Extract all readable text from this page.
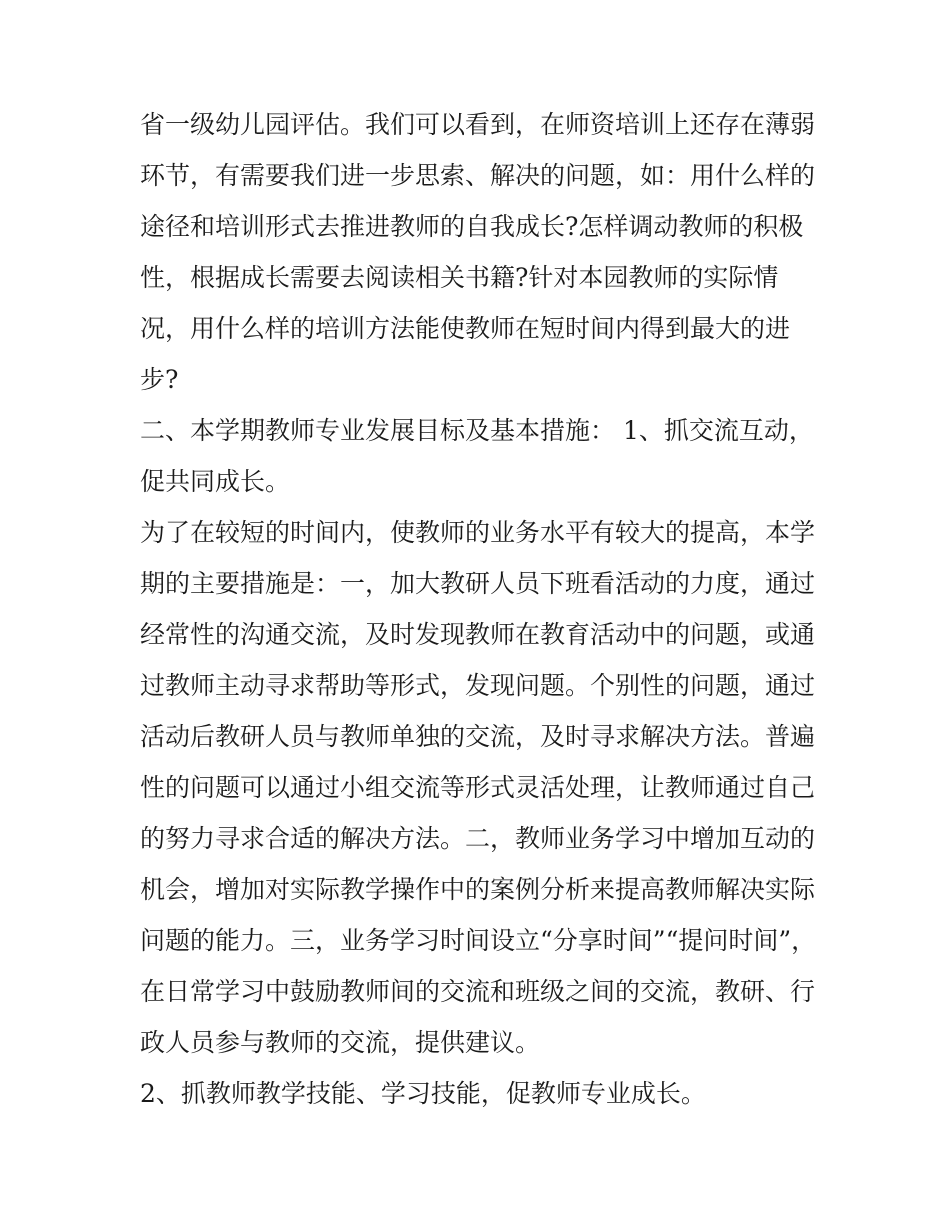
省一级幼儿园评估。我们可以看到，在师资培训上还存在薄弱
环节，有需要我们进一步思索、解决的问题，如：用什么样的
途径和培训形式去推进教师的自我成长?怎样调动教师的积极
性，根据成长需要去阅读相关书籍?针对本园教师的实际情
况，用什么样的培训方法能使教师在短时间内得到最大的进
步?
二、本学期教师专业发展目标及基本措施： 1、抓交流互动，
促共同成长。
为了在较短的时间内，使教师的业务水平有较大的提高，本学
期的主要措施是：一，加大教研人员下班看活动的力度，通过
经常性的沟通交流，及时发现教师在教育活动中的问题，或通
过教师主动寻求帮助等形式，发现问题。个别性的问题，通过
活动后教研人员与教师单独的交流，及时寻求解决方法。普遍
性的问题可以通过小组交流等形式灵活处理，让教师通过自己
的努力寻求合适的解决方法。二，教师业务学习中增加互动的
机会，增加对实际教学操作中的案例分析来提高教师解决实际
问题的能力。三，业务学习时间设立“分享时间”“提问时间”，
在日常学习中鼓励教师间的交流和班级之间的交流，教研、行
政人员参与教师的交流，提供建议。
2、抓教师教学技能、学习技能，促教师专业成长。
